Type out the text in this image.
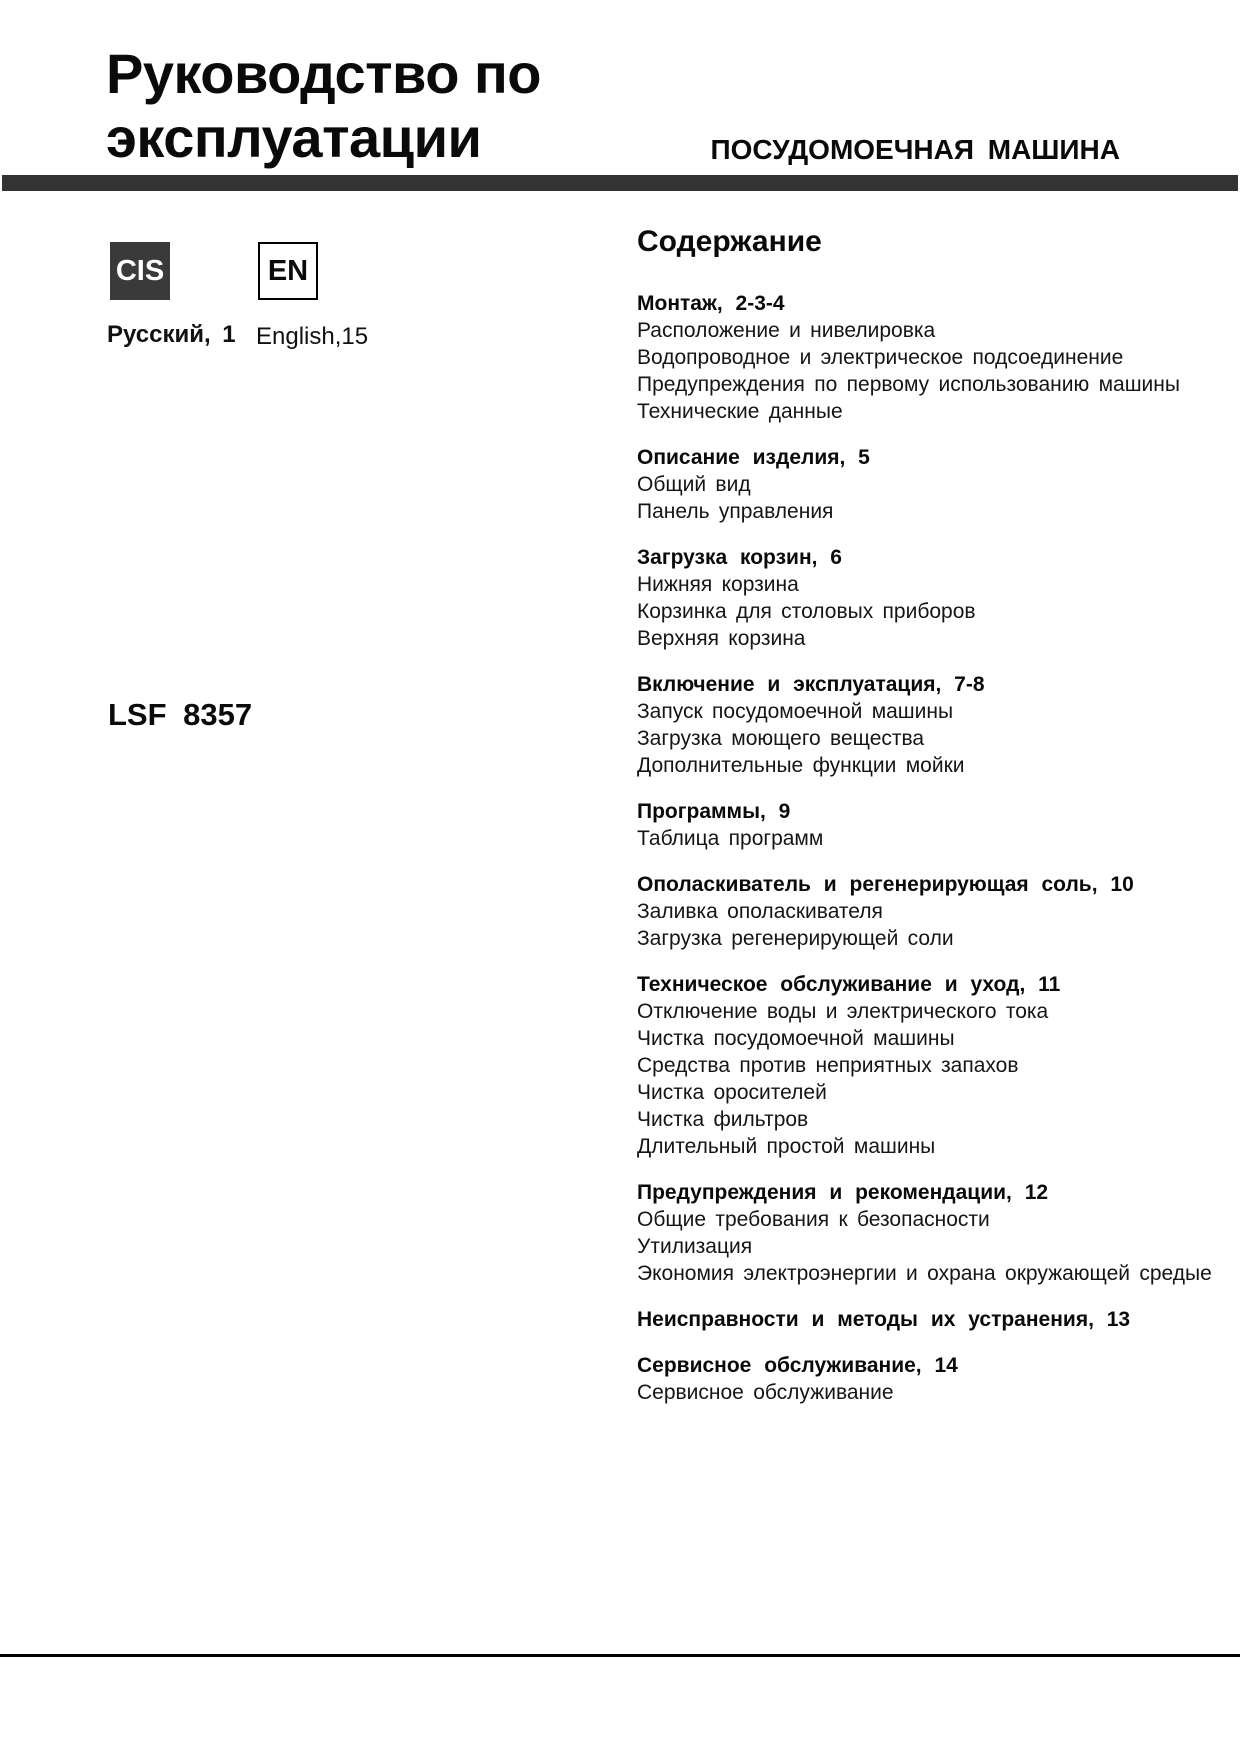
Руководство по
эксплуатации	ПОСУДОМОЕЧНАЯ МАШИНА
CIS	EN
Русский, 1 English,15
LSF 8357
Содержание
Монтаж, 2-3-4
Расположение и нивелировка
Водопроводное и электрическое подсоединение
Предупреждения по первому использованию машины
Технические данные
Описание изделия, 5
Общий вид
Панель управления
Загрузка корзин, 6
Нижняя корзина
Корзинка для столовых приборов
Верхняя корзина
Включение и эксплуатация, 7-8
Запуск посудомоечной машины
Загрузка моющего вещества
Дополнительные функции мойки
Программы, 9
Таблица программ
Ополаскиватель и регенерирующая соль, 10
Заливка ополаскивателя
Загрузка регенерирующей соли
Техническое обслуживание и уход, 11
Отключение воды и электрического тока
Чистка посудомоечной машины
Средства против неприятных запахов
Чистка оросителей
Чистка фильтров
Длительный простой машины
Предупреждения и рекомендации, 12
Общие требования к безопасности
Утилизация
Экономия электроэнергии и охрана окружающей средые
Неисправности и методы их устранения, 13
Сервисное обслуживание, 14
Сервисное обслуживание
